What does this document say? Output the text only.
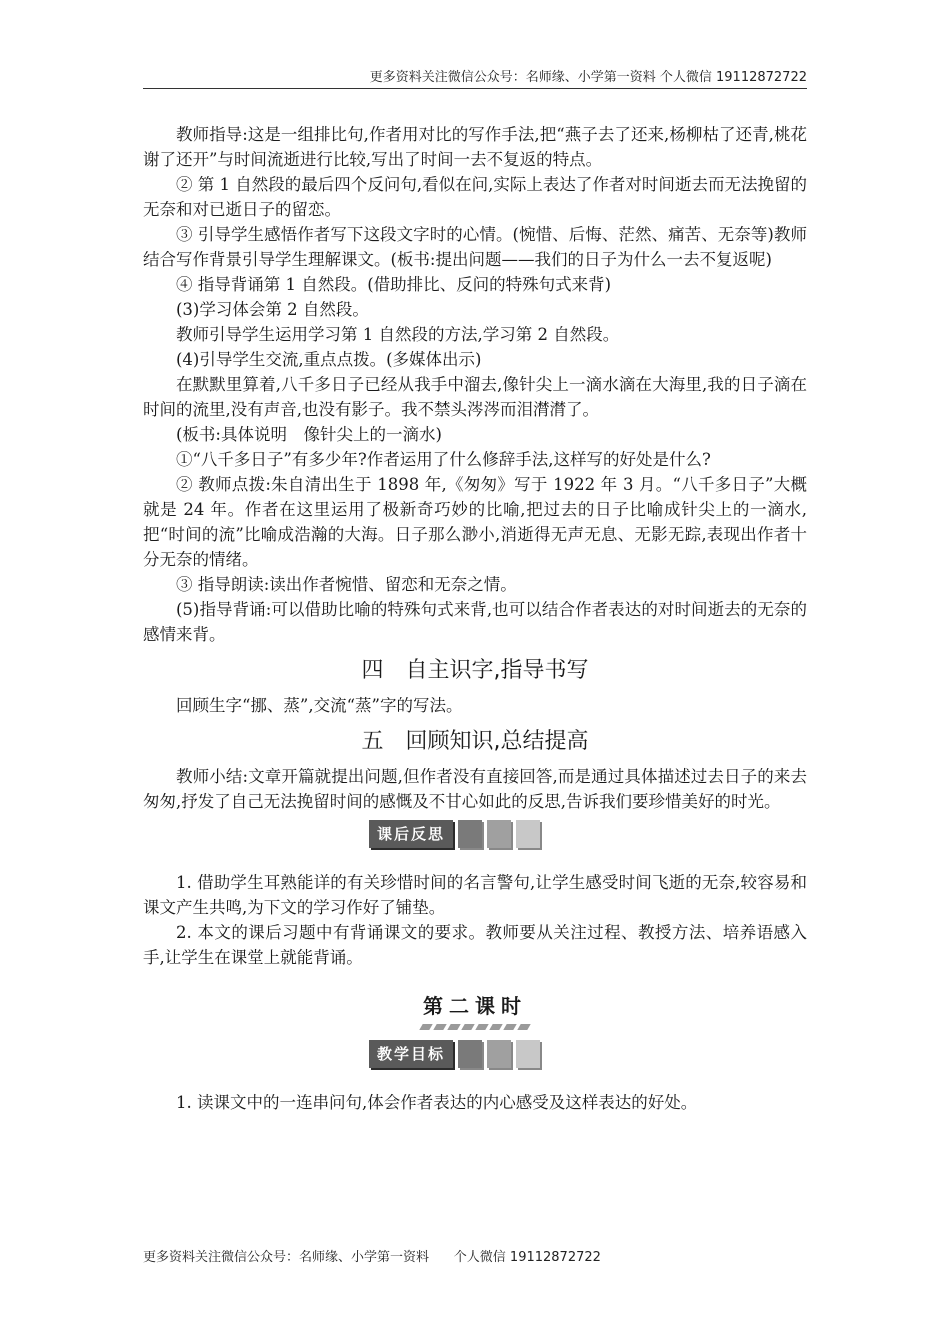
更多资料关注微信公众号：名师缘、小学第一资料 个人微信 19112872722

教师指导:这是一组排比句,作者用对比的写作手法,把“燕子去了还来,杨柳枯了还青,桃花谢了还开”与时间流逝进行比较,写出了时间一去不复返的特点。

② 第 1 自然段的最后四个反问句,看似在问,实际上表达了作者对时间逝去而无法挽留的无奈和对已逝日子的留恋。

③ 引导学生感悟作者写下这段文字时的心情。(惋惜、后悔、茫然、痛苦、无奈等)教师结合写作背景引导学生理解课文。(板书:提出问题——我们的日子为什么一去不复返呢)

④ 指导背诵第 1 自然段。(借助排比、反问的特殊句式来背)

(3)学习体会第 2 自然段。

教师引导学生运用学习第 1 自然段的方法,学习第 2 自然段。

(4)引导学生交流,重点点拨。(多媒体出示)

在默默里算着,八千多日子已经从我手中溜去,像针尖上一滴水滴在大海里,我的日子滴在时间的流里,没有声音,也没有影子。我不禁头涔涔而泪潸潸了。

(板书:具体说明　像针尖上的一滴水)

①“八千多日子”有多少年?作者运用了什么修辞手法,这样写的好处是什么?

② 教师点拨:朱自清出生于 1898 年,《匆匆》写于 1922 年 3 月。“八千多日子”大概就是 24 年。作者在这里运用了极新奇巧妙的比喻,把过去的日子比喻成针尖上的一滴水,把“时间的流”比喻成浩瀚的大海。日子那么渺小,消逝得无声无息、无影无踪,表现出作者十分无奈的情绪。

③ 指导朗读:读出作者惋惜、留恋和无奈之情。

(5)指导背诵:可以借助比喻的特殊句式来背,也可以结合作者表达的对时间逝去的无奈的感情来背。

四　自主识字,指导书写

回顾生字“挪、蒸”,交流“蒸”字的写法。

五　回顾知识,总结提高

教师小结:文章开篇就提出问题,但作者没有直接回答,而是通过具体描述过去日子的来去匆匆,抒发了自己无法挽留时间的感慨及不甘心如此的反思,告诉我们要珍惜美好的时光。

课后反思

1. 借助学生耳熟能详的有关珍惜时间的名言警句,让学生感受时间飞逝的无奈,较容易和课文产生共鸣,为下文的学习作好了铺垫。

2. 本文的课后习题中有背诵课文的要求。教师要从关注过程、教授方法、培养语感入手,让学生在课堂上就能背诵。

第二课时
教学目标

1. 读课文中的一连串问句,体会作者表达的内心感受及这样表达的好处。

更多资料关注微信公众号：名师缘、小学第一资料      个人微信 19112872722
